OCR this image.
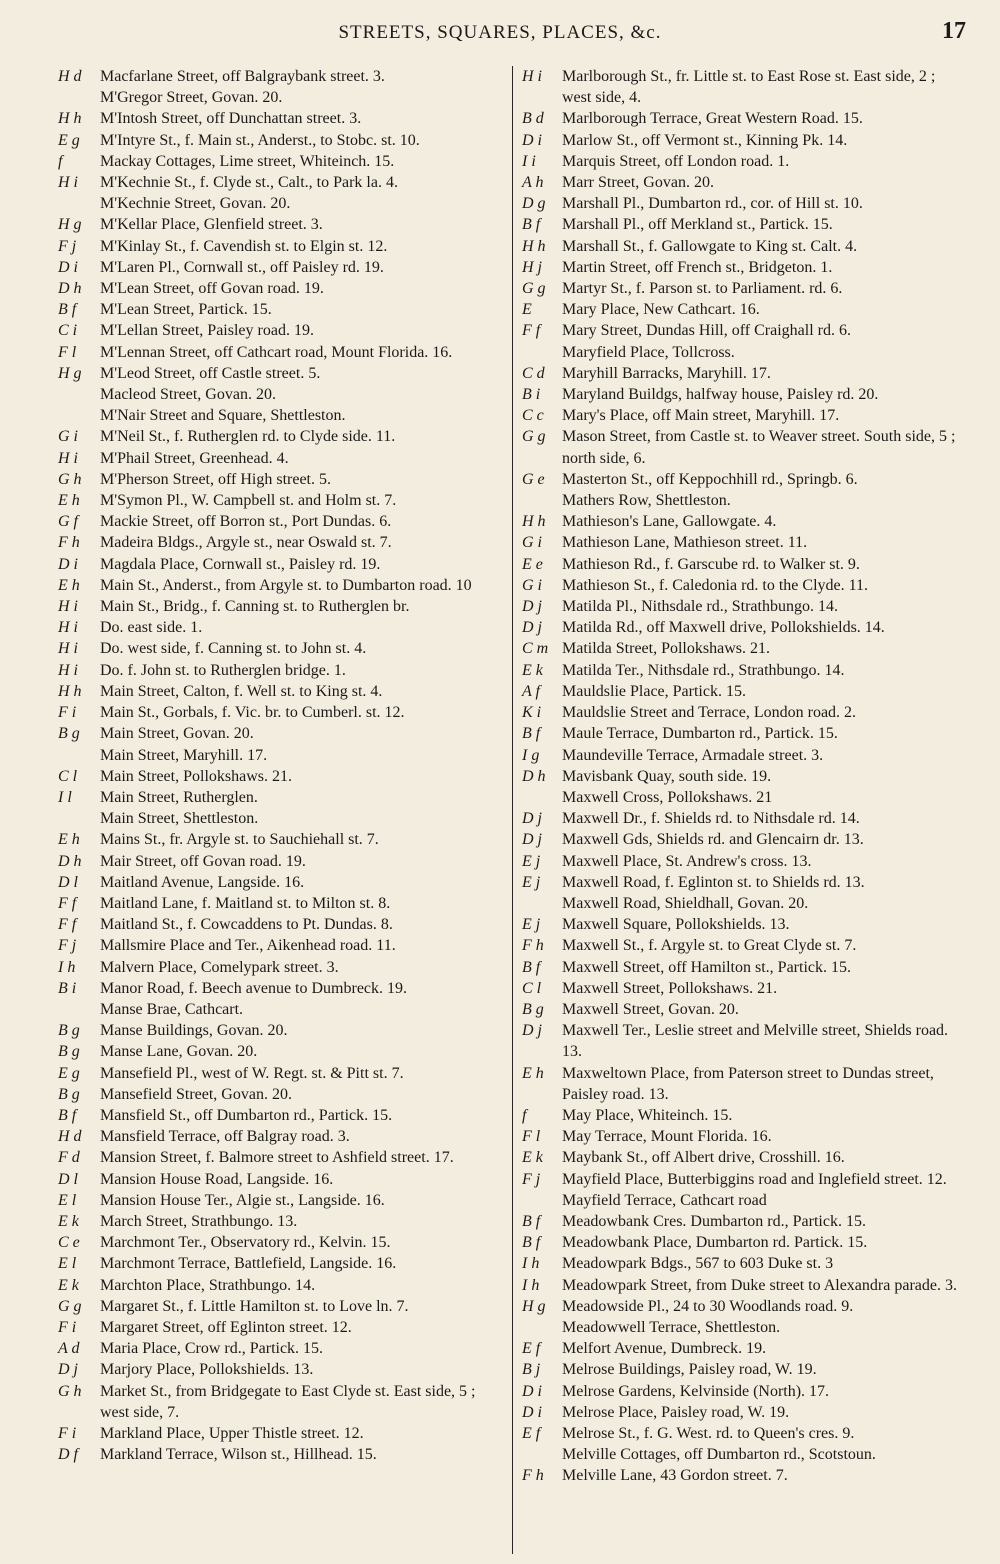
STREETS, SQUARES, PLACES, &c.	17
H d Macfarlane Street, off Balgraybank street. 3.
M'Gregor Street, Govan. 20.
H h M'Intosh Street, off Dunchattan street. 3.
E g M'Intyre St., f. Main st., Anderst., to Stobc. st. 10.
f Mackay Cottages, Lime street, Whiteinch. 15.
H i M'Kechnie St., f. Clyde st., Calt., to Park la. 4.
M'Kechnie Street, Govan. 20.
H g M'Kellar Place, Glenfield street. 3.
F j M'Kinlay St., f. Cavendish st. to Elgin st. 12.
D i M'Laren Pl., Cornwall st., off Paisley rd. 19.
D h M'Lean Street, off Govan road. 19.
B f M'Lean Street, Partick. 15.
C i M'Lellan Street, Paisley road. 19.
F l M'Lennan Street, off Cathcart road, Mount Florida. 16.
H g M'Leod Street, off Castle street. 5.
Macleod Street, Govan. 20.
M'Nair Street and Square, Shettleston.
G i M'Neil St., f. Rutherglen rd. to Clyde side. 11.
H i M'Phail Street, Greenhead. 4.
G h M'Pherson Street, off High street. 5.
E h M'Symon Pl., W. Campbell st. and Holm st. 7.
G f Mackie Street, off Borron st., Port Dundas. 6.
F h Madeira Bldgs., Argyle st., near Oswald st. 7.
D i Magdala Place, Cornwall st., Paisley rd. 19.
E h Main St., Anderst., from Argyle st. to Dumbarton road. 10
H i Main St., Bridg., f. Canning st. to Rutherglen br.
H i Do. east side. 1.
H i Do. west side, f. Canning st. to John st. 4.
H i Do. f. John st. to Rutherglen bridge. 1.
H h Main Street, Calton, f. Well st. to King st. 4.
F i Main St., Gorbals, f. Vic. br. to Cumberl. st. 12.
B g Main Street, Govan. 20.
Main Street, Maryhill. 17.
C l Main Street, Pollokshaws. 21.
I l Main Street, Rutherglen.
Main Street, Shettleston.
E h Mains St., fr. Argyle st. to Sauchiehall st. 7.
D h Mair Street, off Govan road. 19.
D l Maitland Avenue, Langside. 16.
F f Maitland Lane, f. Maitland st. to Milton st. 8.
F f Maitland St., f. Cowcaddens to Pt. Dundas. 8.
F j Mallsmire Place and Ter., Aikenhead road. 11.
I h Malvern Place, Comelypark street. 3.
B i Manor Road, f. Beech avenue to Dumbreck. 19.
Manse Brae, Cathcart.
B g Manse Buildings, Govan. 20.
B g Manse Lane, Govan. 20.
E g Mansefield Pl., west of W. Regt. st. & Pitt st. 7.
B g Mansefield Street, Govan. 20.
B f Mansfield St., off Dumbarton rd., Partick. 15.
H d Mansfield Terrace, off Balgray road. 3.
F d Mansion Street, f. Balmore street to Ashfield street. 17.
D l Mansion House Road, Langside. 16.
E l Mansion House Ter., Algie st., Langside. 16.
E k March Street, Strathbungo. 13.
C e Marchmont Ter., Observatory rd., Kelvin. 15.
E l Marchmont Terrace, Battlefield, Langside. 16.
E k Marchton Place, Strathbungo. 14.
G g Margaret St., f. Little Hamilton st. to Love ln. 7.
F i Margaret Street, off Eglinton street. 12.
A d Maria Place, Crow rd., Partick. 15.
D j Marjory Place, Pollokshields. 13.
G h Market St., from Bridgegate to East Clyde st. East side, 5 ; west side, 7.
F i Markland Place, Upper Thistle street. 12.
D f Markland Terrace, Wilson st., Hillhead. 15.
H i Marlborough St., fr. Little st. to East Rose st. East side, 2 ; west side, 4.
B d Marlborough Terrace, Great Western Road. 15.
D i Marlow St., off Vermont st., Kinning Pk. 14.
I i Marquis Street, off London road. 1.
A h Marr Street, Govan. 20.
D g Marshall Pl., Dumbarton rd., cor. of Hill st. 10.
B f Marshall Pl., off Merkland st., Partick. 15.
H h Marshall St., f. Gallowgate to King st. Calt. 4.
H j Martin Street, off French st., Bridgeton. 1.
G g Martyr St., f. Parson st. to Parliament. rd. 6.
E Mary Place, New Cathcart. 16.
F f Mary Street, Dundas Hill, off Craighall rd. 6.
Maryfield Place, Tollcross.
C d Maryhill Barracks, Maryhill. 17.
B i Maryland Buildgs, halfway house, Paisley rd. 20.
C c Mary's Place, off Main street, Maryhill. 17.
G g Mason Street, from Castle st. to Weaver street. South side, 5 ; north side, 6.
G e Masterton St., off Keppochhill rd., Springb. 6.
Mathers Row, Shettleston.
H h Mathieson's Lane, Gallowgate. 4.
G i Mathieson Lane, Mathieson street. 11.
E e Mathieson Rd., f. Garscube rd. to Walker st. 9.
G i Mathieson St., f. Caledonia rd. to the Clyde. 11.
D j Matilda Pl., Nithsdale rd., Strathbungo. 14.
D j Matilda Rd., off Maxwell drive, Pollokshields. 14.
C m Matilda Street, Pollokshaws. 21.
E k Matilda Ter., Nithsdale rd., Strathbungo. 14.
A f Mauldslie Place, Partick. 15.
K i Mauldslie Street and Terrace, London road. 2.
B f Maule Terrace, Dumbarton rd., Partick. 15.
I g Maundeville Terrace, Armadale street. 3.
D h Mavisbank Quay, south side. 19.
Maxwell Cross, Pollokshaws. 21
D j Maxwell Dr., f. Shields rd. to Nithsdale rd. 14.
D j Maxwell Gds, Shields rd. and Glencairn dr. 13.
E j Maxwell Place, St. Andrew's cross. 13.
E j Maxwell Road, f. Eglinton st. to Shields rd. 13.
Maxwell Road, Shieldhall, Govan. 20.
E j Maxwell Square, Pollokshields. 13.
F h Maxwell St., f. Argyle st. to Great Clyde st. 7.
B f Maxwell Street, off Hamilton st., Partick. 15.
C l Maxwell Street, Pollokshaws. 21.
B g Maxwell Street, Govan. 20.
D j Maxwell Ter., Leslie street and Melville street, Shields road. 13.
E h Maxweltown Place, from Paterson street to Dundas street, Paisley road. 13.
f May Place, Whiteinch. 15.
F l May Terrace, Mount Florida. 16.
E k Maybank St., off Albert drive, Crosshill. 16.
F j Mayfield Place, Butterbiggins road and Inglefield street. 12.
Mayfield Terrace, Cathcart road
B f Meadowbank Cres. Dumbarton rd., Partick. 15.
B f Meadowbank Place, Dumbarton rd. Partick. 15.
I h Meadowpark Bdgs., 567 to 603 Duke st. 3
I h Meadowpark Street, from Duke street to Alexandra parade. 3.
H g Meadowside Pl., 24 to 30 Woodlands road. 9.
Meadowwell Terrace, Shettleston.
E f Melfort Avenue, Dumbreck. 19.
B j Melrose Buildings, Paisley road, W. 19.
D i Melrose Gardens, Kelvinside (North). 17.
D i Melrose Place, Paisley road, W. 19.
E f Melrose St., f. G. West. rd. to Queen's cres. 9.
Melville Cottages, off Dumbarton rd., Scotstoun.
F h Melville Lane, 43 Gordon street. 7.
